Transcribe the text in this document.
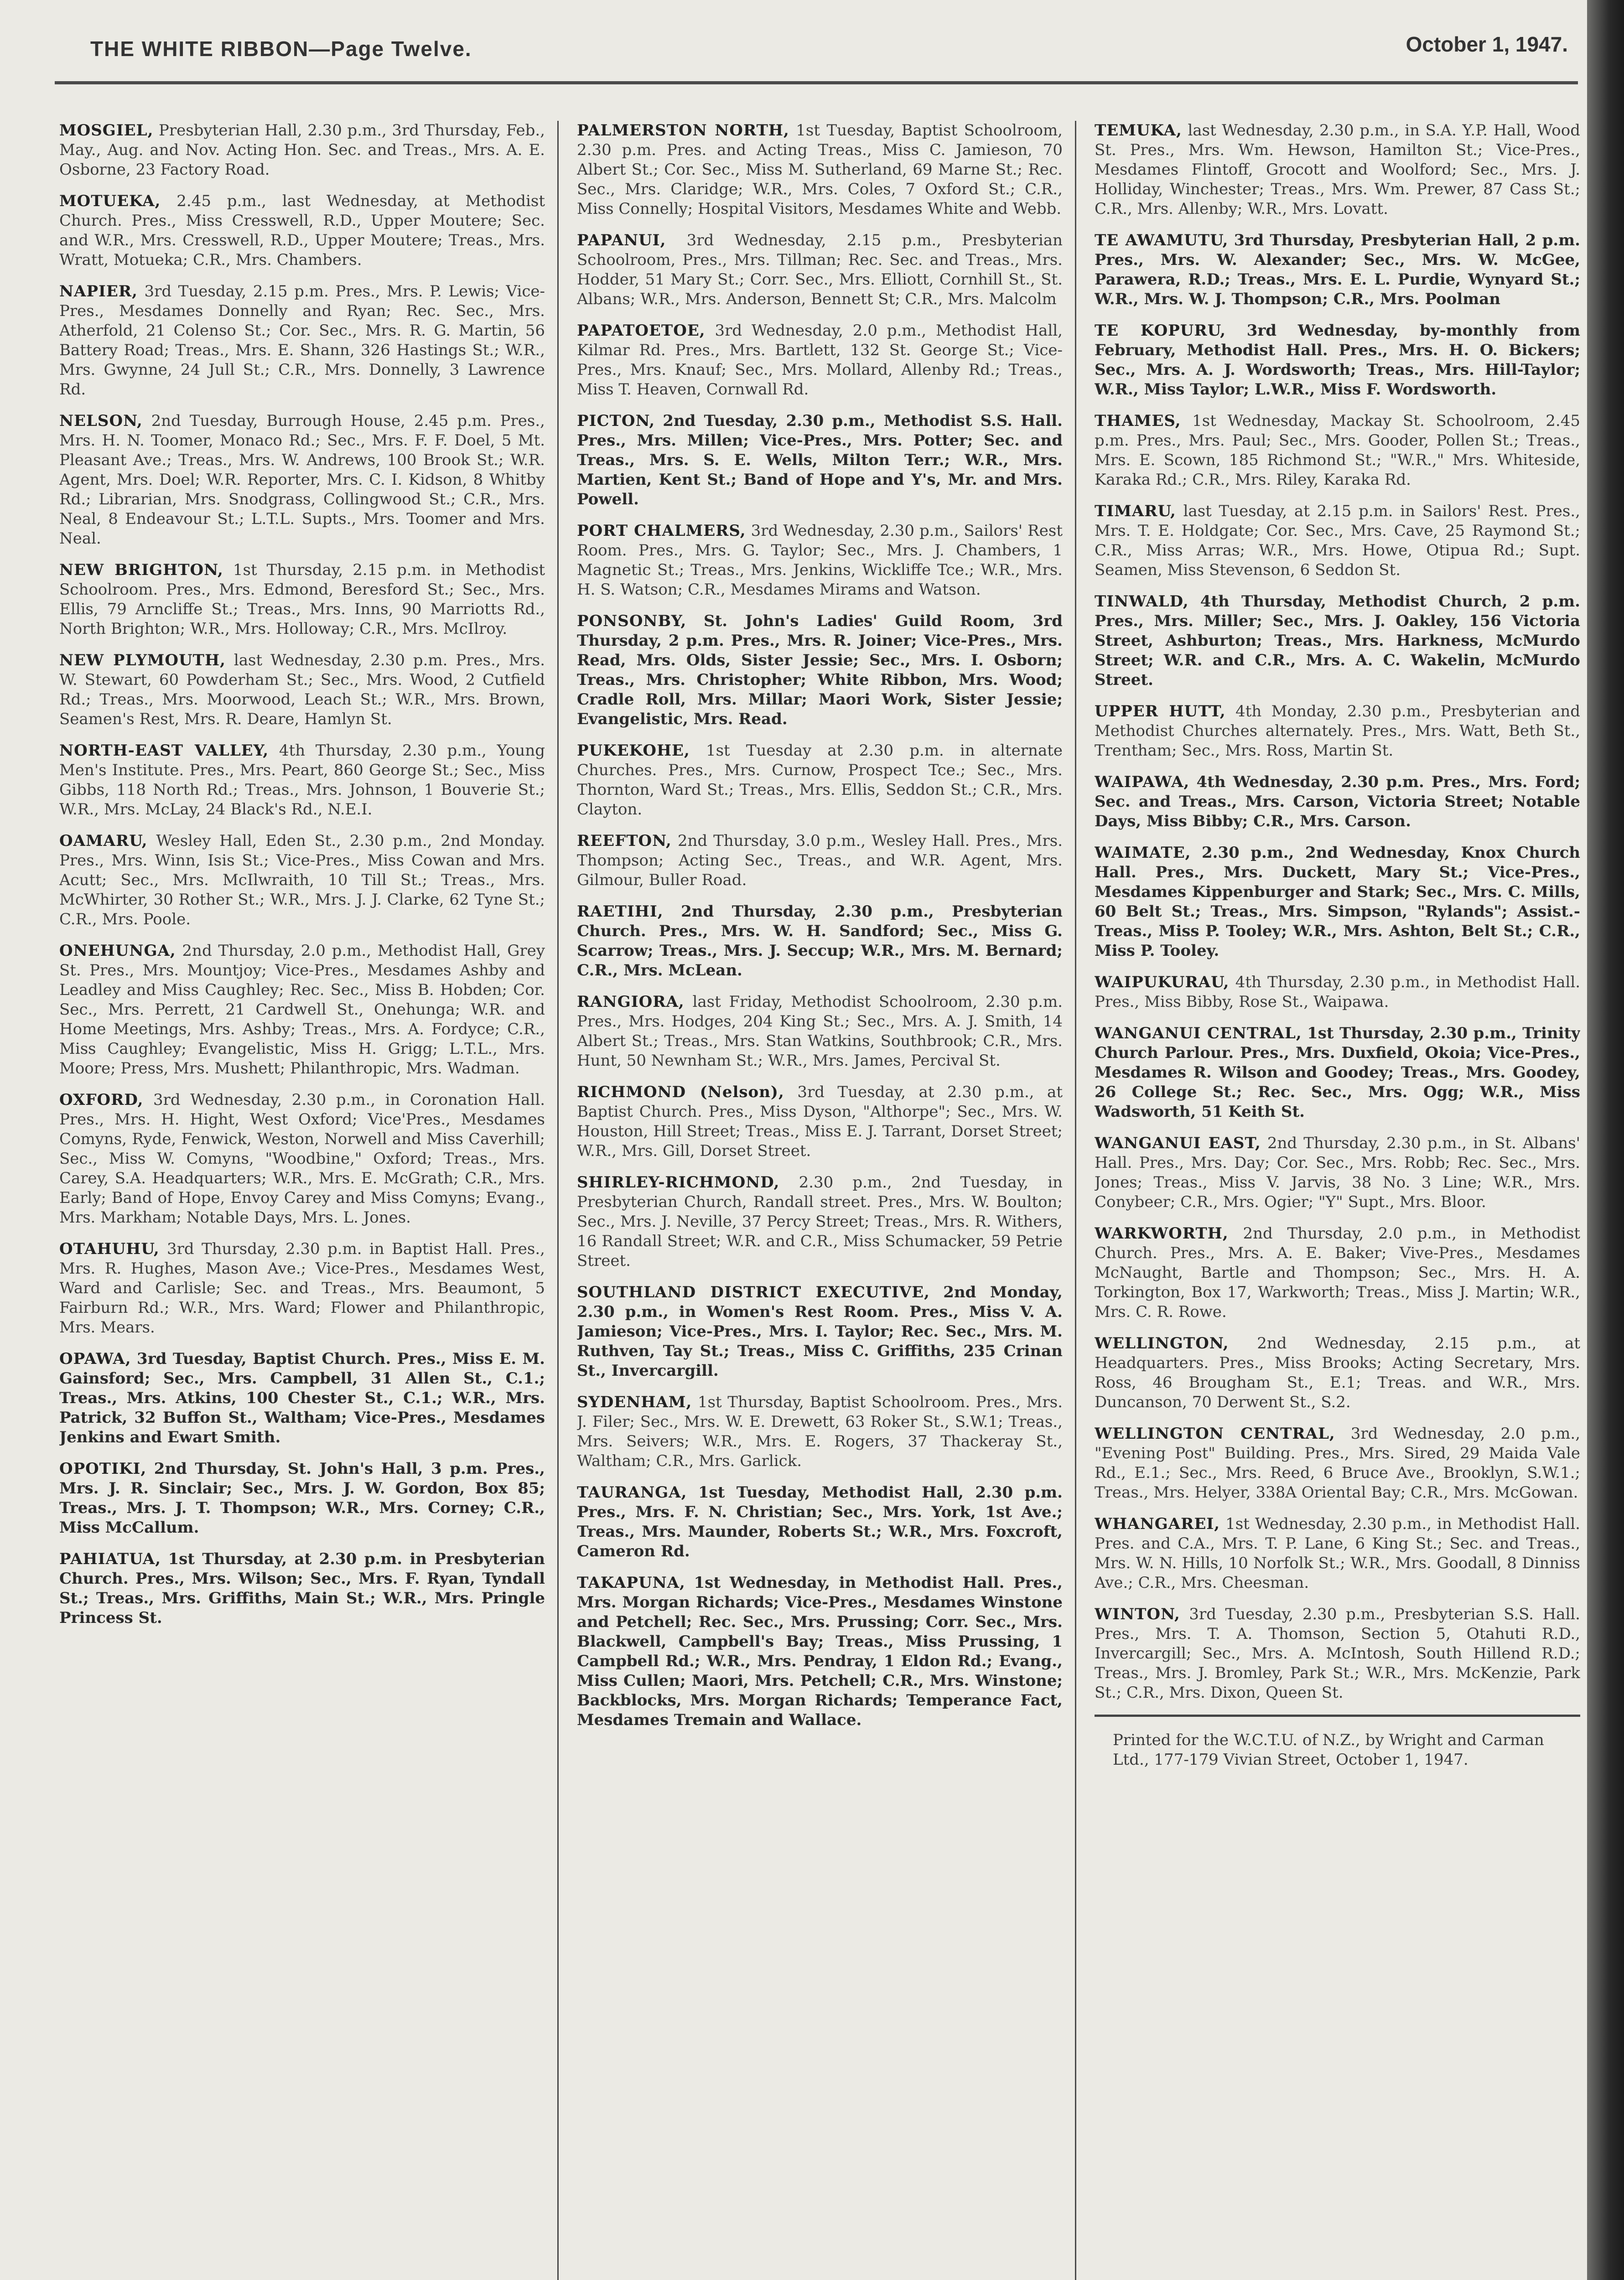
THE WHITE RIBBON—Page Twelve.	October 1, 1947.

MOSGIEL, Presbyterian Hall, 2.30 p.m., 3rd Thursday, Feb., May., Aug. and Nov. Acting Hon. Sec. and Treas., Mrs. A. E. Osborne, 23 Factory Road.

MOTUEKA, 2.45 p.m., last Wednesday, at Methodist Church. Pres., Miss Cresswell, R.D., Upper Moutere; Sec. and W.R., Mrs. Cresswell, R.D., Upper Moutere; Treas., Mrs. Wratt, Motueka; C.R., Mrs. Chambers.

NAPIER, 3rd Tuesday, 2.15 p.m. Pres., Mrs. P. Lewis; Vice-Pres., Mesdames Donnelly and Ryan; Rec. Sec., Mrs. Atherfold, 21 Colenso St.; Cor. Sec., Mrs. R. G. Martin, 56 Battery Road; Treas., Mrs. E. Shann, 326 Hastings St.; W.R., Mrs. Gwynne, 24 Jull St.; C.R., Mrs. Donnelly, 3 Lawrence Rd.

NELSON, 2nd Tuesday, Burrough House, 2.45 p.m. Pres., Mrs. H. N. Toomer, Monaco Rd.; Sec., Mrs. F. F. Doel, 5 Mt. Pleasant Ave.; Treas., Mrs. W. Andrews, 100 Brook St.; W.R. Agent, Mrs. Doel; W.R. Reporter, Mrs. C. I. Kidson, 8 Whitby Rd.; Librarian, Mrs. Snodgrass, Collingwood St.; C.R., Mrs. Neal, 8 Endeavour St.; L.T.L. Supts., Mrs. Toomer and Mrs. Neal.

NEW BRIGHTON, 1st Thursday, 2.15 p.m. in Methodist Schoolroom. Pres., Mrs. Edmond, Beresford St.; Sec., Mrs. Ellis, 79 Arncliffe St.; Treas., Mrs. Inns, 90 Marriotts Rd., North Brighton; W.R., Mrs. Holloway; C.R., Mrs. McIlroy.

NEW PLYMOUTH, last Wednesday, 2.30 p.m. Pres., Mrs. W. Stewart, 60 Powderham St.; Sec., Mrs. Wood, 2 Cutfield Rd.; Treas., Mrs. Moorwood, Leach St.; W.R., Mrs. Brown, Seamen's Rest, Mrs. R. Deare, Hamlyn St.

NORTH-EAST VALLEY, 4th Thursday, 2.30 p.m., Young Men's Institute. Pres., Mrs. Peart, 860 George St.; Sec., Miss Gibbs, 118 North Rd.; Treas., Mrs. Johnson, 1 Bouverie St.; W.R., Mrs. McLay, 24 Black's Rd., N.E.I.

OAMARU, Wesley Hall, Eden St., 2.30 p.m., 2nd Monday. Pres., Mrs. Winn, Isis St.; Vice-Pres., Miss Cowan and Mrs. Acutt; Sec., Mrs. McIlwraith, 10 Till St.; Treas., Mrs. McWhirter, 30 Rother St.; W.R., Mrs. J. J. Clarke, 62 Tyne St.; C.R., Mrs. Poole.

ONEHUNGA, 2nd Thursday, 2.0 p.m., Methodist Hall, Grey St. Pres., Mrs. Mountjoy; Vice-Pres., Mesdames Ashby and Leadley and Miss Caughley; Rec. Sec., Miss B. Hobden; Cor. Sec., Mrs. Perrett, 21 Cardwell St., Onehunga; W.R. and Home Meetings, Mrs. Ashby; Treas., Mrs. A. Fordyce; C.R., Miss Caughley; Evangelistic, Miss H. Grigg; L.T.L., Mrs. Moore; Press, Mrs. Mushett; Philanthropic, Mrs. Wadman.

OXFORD, 3rd Wednesday, 2.30 p.m., in Coronation Hall. Pres., Mrs. H. Hight, West Oxford; Vice'Pres., Mesdames Comyns, Ryde, Fenwick, Weston, Norwell and Miss Caverhill; Sec., Miss W. Comyns, "Woodbine," Oxford; Treas., Mrs. Carey, S.A. Headquarters; W.R., Mrs. E. McGrath; C.R., Mrs. Early; Band of Hope, Envoy Carey and Miss Comyns; Evang., Mrs. Markham; Notable Days, Mrs. L. Jones.

OTAHUHU, 3rd Thursday, 2.30 p.m. in Baptist Hall. Pres., Mrs. R. Hughes, Mason Ave.; Vice-Pres., Mesdames West, Ward and Carlisle; Sec. and Treas., Mrs. Beaumont, 5 Fairburn Rd.; W.R., Mrs. Ward; Flower and Philanthropic, Mrs. Mears.

OPAWA, 3rd Tuesday, Baptist Church. Pres., Miss E. M. Gainsford; Sec., Mrs. Campbell, 31 Allen St., C.1.; Treas., Mrs. Atkins, 100 Chester St., C.1.; W.R., Mrs. Patrick, 32 Buffon St., Waltham; Vice-Pres., Mesdames Jenkins and Ewart Smith.

OPOTIKI, 2nd Thursday, St. John's Hall, 3 p.m. Pres., Mrs. J. R. Sinclair; Sec., Mrs. J. W. Gordon, Box 85; Treas., Mrs. J. T. Thompson; W.R., Mrs. Corney; C.R., Miss McCallum.

PAHIATUA, 1st Thursday, at 2.30 p.m. in Presbyterian Church. Pres., Mrs. Wilson; Sec., Mrs. F. Ryan, Tyndall St.; Treas., Mrs. Griffiths, Main St.; W.R., Mrs. Pringle Princess St.

PALMERSTON NORTH, 1st Tuesday, Baptist Schoolroom, 2.30 p.m. Pres. and Acting Treas., Miss C. Jamieson, 70 Albert St.; Cor. Sec., Miss M. Sutherland, 69 Marne St.; Rec. Sec., Mrs. Claridge; W.R., Mrs. Coles, 7 Oxford St.; C.R., Miss Connelly; Hospital Visitors, Mesdames White and Webb.

PAPANUI, 3rd Wednesday, 2.15 p.m., Presbyterian Schoolroom, Pres., Mrs. Tillman; Rec. Sec. and Treas., Mrs. Hodder, 51 Mary St.; Corr. Sec., Mrs. Elliott, Cornhill St., St. Albans; W.R., Mrs. Anderson, Bennett St; C.R., Mrs. Malcolm

PAPATOETOE, 3rd Wednesday, 2.0 p.m., Methodist Hall, Kilmar Rd. Pres., Mrs. Bartlett, 132 St. George St.; Vice-Pres., Mrs. Knauf; Sec., Mrs. Mollard, Allenby Rd.; Treas., Miss T. Heaven, Cornwall Rd.

PICTON, 2nd Tuesday, 2.30 p.m., Methodist S.S. Hall. Pres., Mrs. Millen; Vice-Pres., Mrs. Potter; Sec. and Treas., Mrs. S. E. Wells, Milton Terr.; W.R., Mrs. Martien, Kent St.; Band of Hope and Y's, Mr. and Mrs. Powell.

PORT CHALMERS, 3rd Wednesday, 2.30 p.m., Sailors' Rest Room. Pres., Mrs. G. Taylor; Sec., Mrs. J. Chambers, 1 Magnetic St.; Treas., Mrs. Jenkins, Wickliffe Tce.; W.R., Mrs. H. S. Watson; C.R., Mesdames Mirams and Watson.

PONSONBY, St. John's Ladies' Guild Room, 3rd Thursday, 2 p.m. Pres., Mrs. R. Joiner; Vice-Pres., Mrs. Read, Mrs. Olds, Sister Jessie; Sec., Mrs. I. Osborn; Treas., Mrs. Christopher; White Ribbon, Mrs. Wood; Cradle Roll, Mrs. Millar; Maori Work, Sister Jessie; Evangelistic, Mrs. Read.

PUKEKOHE, 1st Tuesday at 2.30 p.m. in alternate Churches. Pres., Mrs. Curnow, Prospect Tce.; Sec., Mrs. Thornton, Ward St.; Treas., Mrs. Ellis, Seddon St.; C.R., Mrs. Clayton.

REEFTON, 2nd Thursday, 3.0 p.m., Wesley Hall. Pres., Mrs. Thompson; Acting Sec., Treas., and W.R. Agent, Mrs. Gilmour, Buller Road.

RAETIHI, 2nd Thursday, 2.30 p.m., Presbyterian Church. Pres., Mrs. W. H. Sandford; Sec., Miss G. Scarrow; Treas., Mrs. J. Seccup; W.R., Mrs. M. Bernard; C.R., Mrs. McLean.

RANGIORA, last Friday, Methodist Schoolroom, 2.30 p.m. Pres., Mrs. Hodges, 204 King St.; Sec., Mrs. A. J. Smith, 14 Albert St.; Treas., Mrs. Stan Watkins, Southbrook; C.R., Mrs. Hunt, 50 Newnham St.; W.R., Mrs. James, Percival St.

RICHMOND (Nelson), 3rd Tuesday, at 2.30 p.m., at Baptist Church. Pres., Miss Dyson, "Althorpe"; Sec., Mrs. W. Houston, Hill Street; Treas., Miss E. J. Tarrant, Dorset Street; W.R., Mrs. Gill, Dorset Street.

SHIRLEY-RICHMOND, 2.30 p.m., 2nd Tuesday, in Presbyterian Church, Randall street. Pres., Mrs. W. Boulton; Sec., Mrs. J. Neville, 37 Percy Street; Treas., Mrs. R. Withers, 16 Randall Street; W.R. and C.R., Miss Schumacker, 59 Petrie Street.

SOUTHLAND DISTRICT EXECUTIVE, 2nd Monday, 2.30 p.m., in Women's Rest Room. Pres., Miss V. A. Jamieson; Vice-Pres., Mrs. I. Taylor; Rec. Sec., Mrs. M. Ruthven, Tay St.; Treas., Miss C. Griffiths, 235 Crinan St., Invercargill.

SYDENHAM, 1st Thursday, Baptist Schoolroom. Pres., Mrs. J. Filer; Sec., Mrs. W. E. Drewett, 63 Roker St., S.W.1; Treas., Mrs. Seivers; W.R., Mrs. E. Rogers, 37 Thackeray St., Waltham; C.R., Mrs. Garlick.

TAURANGA, 1st Tuesday, Methodist Hall, 2.30 p.m. Pres., Mrs. F. N. Christian; Sec., Mrs. York, 1st Ave.; Treas., Mrs. Maunder, Roberts St.; W.R., Mrs. Foxcroft, Cameron Rd.

TAKAPUNA, 1st Wednesday, in Methodist Hall. Pres., Mrs. Morgan Richards; Vice-Pres., Mesdames Winstone and Petchell; Rec. Sec., Mrs. Prussing; Corr. Sec., Mrs. Blackwell, Campbell's Bay; Treas., Miss Prussing, 1 Campbell Rd.; W.R., Mrs. Pendray, 1 Eldon Rd.; Evang., Miss Cullen; Maori, Mrs. Petchell; C.R., Mrs. Winstone; Backblocks, Mrs. Morgan Richards; Temperance Fact, Mesdames Tremain and Wallace.

TEMUKA, last Wednesday, 2.30 p.m., in S.A. Y.P. Hall, Wood St. Pres., Mrs. Wm. Hewson, Hamilton St.; Vice-Pres., Mesdames Flintoff, Grocott and Woolford; Sec., Mrs. J. Holliday, Winchester; Treas., Mrs. Wm. Prewer, 87 Cass St.; C.R., Mrs. Allenby; W.R., Mrs. Lovatt.

TE AWAMUTU, 3rd Thursday, Presbyterian Hall, 2 p.m. Pres., Mrs. W. Alexander; Sec., Mrs. W. McGee, Parawera, R.D.; Treas., Mrs. E. L. Purdie, Wynyard St.; W.R., Mrs. W. J. Thompson; C.R., Mrs. Poolman

TE KOPURU, 3rd Wednesday, by-monthly from February, Methodist Hall. Pres., Mrs. H. O. Bickers; Sec., Mrs. A. J. Wordsworth; Treas., Mrs. Hill-Taylor; W.R., Miss Taylor; L.W.R., Miss F. Wordsworth.

THAMES, 1st Wednesday, Mackay St. Schoolroom, 2.45 p.m. Pres., Mrs. Paul; Sec., Mrs. Gooder, Pollen St.; Treas., Mrs. E. Scown, 185 Richmond St.; "W.R.," Mrs. Whiteside, Karaka Rd.; C.R., Mrs. Riley, Karaka Rd.

TIMARU, last Tuesday, at 2.15 p.m. in Sailors' Rest. Pres., Mrs. T. E. Holdgate; Cor. Sec., Mrs. Cave, 25 Raymond St.; C.R., Miss Arras; W.R., Mrs. Howe, Otipua Rd.; Supt. Seamen, Miss Stevenson, 6 Seddon St.

TINWALD, 4th Thursday, Methodist Church, 2 p.m. Pres., Mrs. Miller; Sec., Mrs. J. Oakley, 156 Victoria Street, Ashburton; Treas., Mrs. Harkness, McMurdo Street; W.R. and C.R., Mrs. A. C. Wakelin, McMurdo Street.

UPPER HUTT, 4th Monday, 2.30 p.m., Presbyterian and Methodist Churches alternately. Pres., Mrs. Watt, Beth St., Trentham; Sec., Mrs. Ross, Martin St.

WAIPAWA, 4th Wednesday, 2.30 p.m. Pres., Mrs. Ford; Sec. and Treas., Mrs. Carson, Victoria Street; Notable Days, Miss Bibby; C.R., Mrs. Carson.

WAIMATE, 2.30 p.m., 2nd Wednesday, Knox Church Hall. Pres., Mrs. Duckett, Mary St.; Vice-Pres., Mesdames Kippenburger and Stark; Sec., Mrs. C. Mills, 60 Belt St.; Treas., Mrs. Simpson, "Rylands"; Assist.-Treas., Miss P. Tooley; W.R., Mrs. Ashton, Belt St.; C.R., Miss P. Tooley.

WAIPUKURAU, 4th Thursday, 2.30 p.m., in Methodist Hall. Pres., Miss Bibby, Rose St., Waipawa.

WANGANUI CENTRAL, 1st Thursday, 2.30 p.m., Trinity Church Parlour. Pres., Mrs. Duxfield, Okoia; Vice-Pres., Mesdames R. Wilson and Goodey; Treas., Mrs. Goodey, 26 College St.; Rec. Sec., Mrs. Ogg; W.R., Miss Wadsworth, 51 Keith St.

WANGANUI EAST, 2nd Thursday, 2.30 p.m., in St. Albans' Hall. Pres., Mrs. Day; Cor. Sec., Mrs. Robb; Rec. Sec., Mrs. Jones; Treas., Miss V. Jarvis, 38 No. 3 Line; W.R., Mrs. Conybeer; C.R., Mrs. Ogier; "Y" Supt., Mrs. Bloor.

WARKWORTH, 2nd Thursday, 2.0 p.m., in Methodist Church. Pres., Mrs. A. E. Baker; Vive-Pres., Mesdames McNaught, Bartle and Thompson; Sec., Mrs. H. A. Torkington, Box 17, Warkworth; Treas., Miss J. Martin; W.R., Mrs. C. R. Rowe.

WELLINGTON, 2nd Wednesday, 2.15 p.m., at Headquarters. Pres., Miss Brooks; Acting Secretary, Mrs. Ross, 46 Brougham St., E.1; Treas. and W.R., Mrs. Duncanson, 70 Derwent St., S.2.

WELLINGTON CENTRAL, 3rd Wednesday, 2.0 p.m., "Evening Post" Building. Pres., Mrs. Sired, 29 Maida Vale Rd., E.1.; Sec., Mrs. Reed, 6 Bruce Ave., Brooklyn, S.W.1.; Treas., Mrs. Helyer, 338A Oriental Bay; C.R., Mrs. McGowan.

WHANGAREI, 1st Wednesday, 2.30 p.m., in Methodist Hall. Pres. and C.A., Mrs. T. P. Lane, 6 King St.; Sec. and Treas., Mrs. W. N. Hills, 10 Norfolk St.; W.R., Mrs. Goodall, 8 Dinniss Ave.; C.R., Mrs. Cheesman.

WINTON, 3rd Tuesday, 2.30 p.m., Presbyterian S.S. Hall. Pres., Mrs. T. A. Thomson, Section 5, Otahuti R.D., Invercargill; Sec., Mrs. A. McIntosh, South Hillend R.D.; Treas., Mrs. J. Bromley, Park St.; W.R., Mrs. McKenzie, Park St.; C.R., Mrs. Dixon, Queen St.

Printed for the W.C.T.U. of N.Z., by Wright and Carman Ltd., 177-179 Vivian Street, October 1, 1947.
